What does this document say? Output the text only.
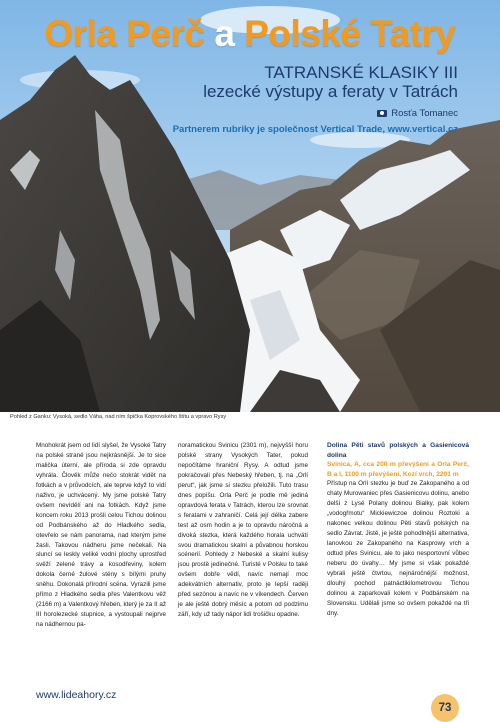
Orla Perč a Polské Tatry
TATRANSKÉ KLASIKY III
lezecké výstupy a feraty v Tatrách
Rosťa Tomanec
Partnerem rubriky je společnost Vertical Trade, www.vertical.cz
Pohled z Ganku: Vysoká, sedlo Váha, nad ním špička Koprovského štítu a vpravo Rysy

Mnohokrát jsem od lidí slyšel, že Vysoké Tatry na polské straně jsou nejkrásnější. Je to sice malička úterní, ale příroda si zde opravdu vyhrála. Člověk může nečo stokrát vidět na fotkách a v průvodcích, ale teprve když to vidí naživo, je uchvácený. My jsme polské Tatry ovšem nevídělí ani na fotkách. Když jsme koncem roku 2013 prošli celou Tichou dolinou od Podbánského až do Hladkého sedla, otevřelo se nám panorama, nad kterým jsme žasli. Takovou nádheru jsme nečekali. Na sluncí se leskly veliké vodní plochy uprostřed svěží zelené trávy a kosodřeviny, kolem dokola černé žulové stěny s bílými pruhy sněhu. Dokonalá přírodní scéna. Vyrazili jsme přímo z Hladkého sedla přes Valentkovu věž (2166 m) a Valentkový hřeben, který je za II až III horolezecké stupnice, a vystoupali nejprve na nádhernou pa-

noramatickou Svinicu (2301 m), nejvyšší horu polské strany Vysokých Tater, pokud nepočítáme hraniční Rysy. A odtud jsme pokračovali přes Nebeský hřeben, tj. na „Orlí perut“, jak jsme si stezku přeložili. Tuto trasu dnes popíšu. Orla Perč je podle mě jediná opravdová ferata v Tatrách, kterou lze srovnat s feratami v zahraničí. Celá její délka zabere test až osm hodin a je to opravdu náročná a divoká stezka, která každého horala uchvátí svou dramatickou skalní a půvabnou horskou scénerií. Pohledy z Nebeské a skalní kulisy jsou prostě jedinečné. Turisté v Polsku to také ovšem dobře vědí, navíc nemají moc adekvátních alternativ, proto je lepší raději před sezónou a navíc ne v víkendech. Červen je ale ještě dobrý měsíc a potom od podzimu září, kdy už tady nápor lidí trošičku opadne.

Dolina Pěti stavů polských a Gasienicová dolina

Svinica, A, cca 200 m převýšení a Orla Perč, B a I, 1100 m převýšení, Kozí vrch, 2291 m

Přístup na Orlí stezku je buď ze Zakopaného a od chaty Murowaniec přes Gasienicovu dolinu, anebo delší z Lysé Polany dolinou Bialky, pak kolem „vodogřmotu“ Mickiewiczoe dolinou Roztoki a nakonec velkou dolinou Pěti stavů polských na sedlo Závrat. Jistě, je ještě pohodlnější alternativa, lanovkou ze Zakopaného na Kasprowy vrch a odtud přes Svinicu, ale to jako nesportovní vůbec neberu do úvahy… My jsme si však pokaždé vybrali ještě čtvrtou, nejnáročnější možnost, dlouhý pochod patnáctikilometrovou Tichou dolinou a zaparkovali kolem v Podbánském na Slovensku. Udělali jsme so ovšem pokaždé na tři dny.

www.lideahory.cz
73
